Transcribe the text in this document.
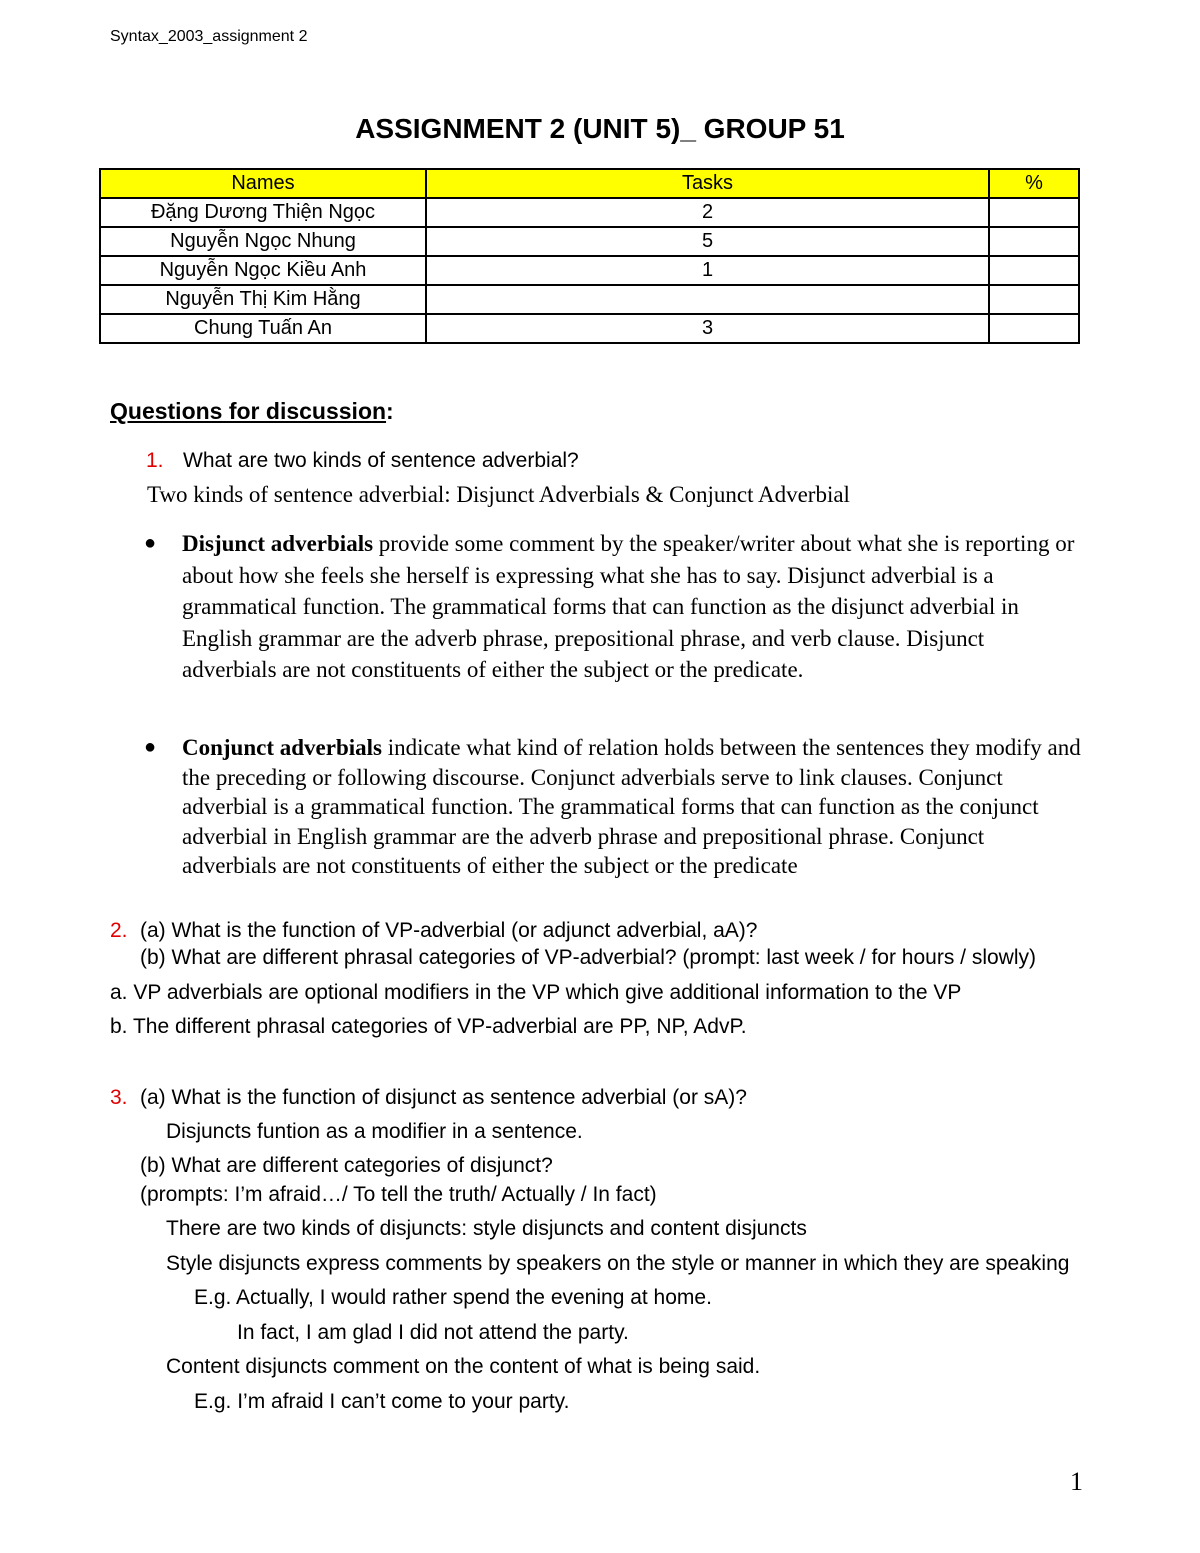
Syntax_2003_assignment 2
ASSIGNMENT 2 (UNIT 5)_ GROUP 51
Names	Tasks	%
Đặng Dương Thiện Ngọc	2	
Nguyễn Ngọc Nhung	5	
Nguyễn Ngọc Kiều Anh	1	
Nguyễn Thị Kim Hằng		
Chung Tuấn An	3	
Questions for discussion:
1. What are two kinds of sentence adverbial?
Two kinds of sentence adverbial: Disjunct Adverbials & Conjunct Adverbial
● Disjunct adverbials provide some comment by the speaker/writer about what she is reporting or about how she feels she herself is expressing what she has to say. Disjunct adverbial is a grammatical function. The grammatical forms that can function as the disjunct adverbial in English grammar are the adverb phrase, prepositional phrase, and verb clause. Disjunct adverbials are not constituents of either the subject or the predicate.
● Conjunct adverbials indicate what kind of relation holds between the sentences they modify and the preceding or following discourse. Conjunct adverbials serve to link clauses. Conjunct adverbial is a grammatical function. The grammatical forms that can function as the conjunct adverbial in English grammar are the adverb phrase and prepositional phrase. Conjunct adverbials are not constituents of either the subject or the predicate
2. (a) What is the function of VP-adverbial (or adjunct adverbial, aA)?
(b) What are different phrasal categories of VP-adverbial? (prompt: last week / for hours / slowly)
a. VP adverbials are optional modifiers in the VP which give additional information to the VP
b. The different phrasal categories of VP-adverbial are PP, NP, AdvP.
3. (a) What is the function of disjunct as sentence adverbial (or sA)?
Disjuncts funtion as a modifier in a sentence.
(b) What are different categories of disjunct?
(prompts: I’m afraid…/ To tell the truth/ Actually / In fact)
There are two kinds of disjuncts: style disjuncts and content disjuncts
Style disjuncts express comments by speakers on the style or manner in which they are speaking
E.g. Actually, I would rather spend the evening at home.
In fact, I am glad I did not attend the party.
Content disjuncts comment on the content of what is being said.
E.g. I’m afraid I can’t come to your party.
1
